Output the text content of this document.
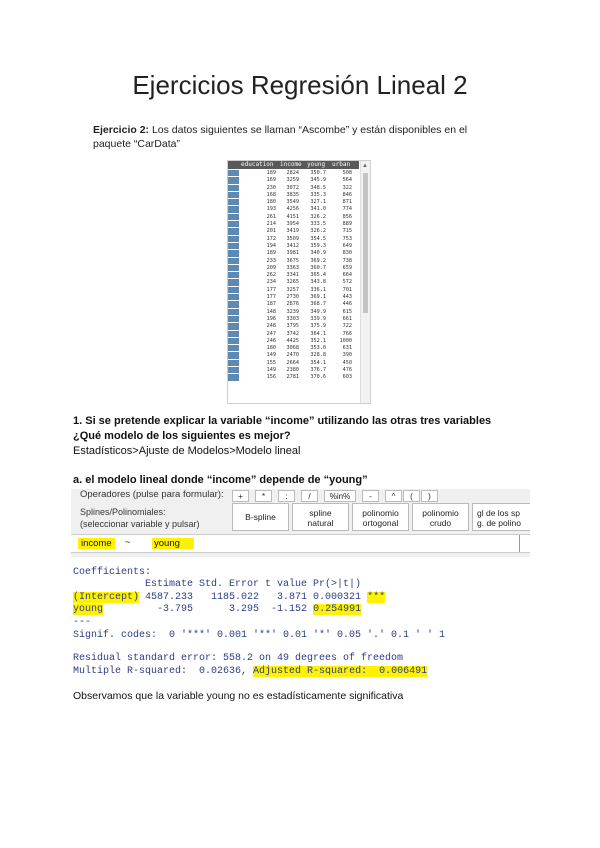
Ejercicios Regresión Lineal 2
Ejercicio 2: Los datos siguientes se llaman “Ascombe” y están disponibles en el
paquete “CarData”
education income young urban
189 2824 350.7	508
169 3259 345.9	564
230 3072 348.5	322
168 3835 335.3	846
180 3549 327.1	871
193 4256 341.0	774
261 4151 326.2	856
214 3954 333.5	889
201 3419 326.2	715
172 3509 354.5	753
194 3412 359.3	649
189 3981 340.9	830
233 3675 369.2	738
209 3363 360.7	659
262 3341 365.4	664
234 3265 343.8	572
177 3257 336.1	701
177 2730 369.1	443
187 2876 368.7	446
148 3239 349.9	615
196 3303 339.9	661
248 3795 375.9	722
247 3742 364.1	766
246 4425 352.1	1000
180 3068 353.0	631
149 2470 328.8	390
155 2664 354.1	450
149 2380 376.7	476
156 2781 370.6	603
▲
1. Si se pretende explicar la variable “income” utilizando las otras tres variables
¿Qué modelo de los siguientes es mejor?
Estadísticos>Ajuste de Modelos>Modelo lineal
a. el modelo lineal donde “income” depende de “young”
Operadores (pulse para formular):	+	*	:	/	%in%	-	^	(	)
Splines/Polinomiales:
(seleccionar variable y pulsar)
B-spline	spline
natural
polinomio
ortogonal
polinomio
crudo
gl de los sp
g. de polino
income	~ young
Coefficients:
Estimate Std. Error t value Pr(>|t|)
(Intercept) 4587.233   1185.022   3.871 0.000321 ***
young         -3.795      3.295  -1.152 0.254991
---
Signif. codes:  0 '***' 0.001 '**' 0.01 '*' 0.05 '.' 0.1 ' ' 1
Residual standard error: 558.2 on 49 degrees of freedom
Multiple R-squared:  0.02636, Adjusted R-squared:  0.006491
Observamos que la variable young no es estadísticamente significativa
